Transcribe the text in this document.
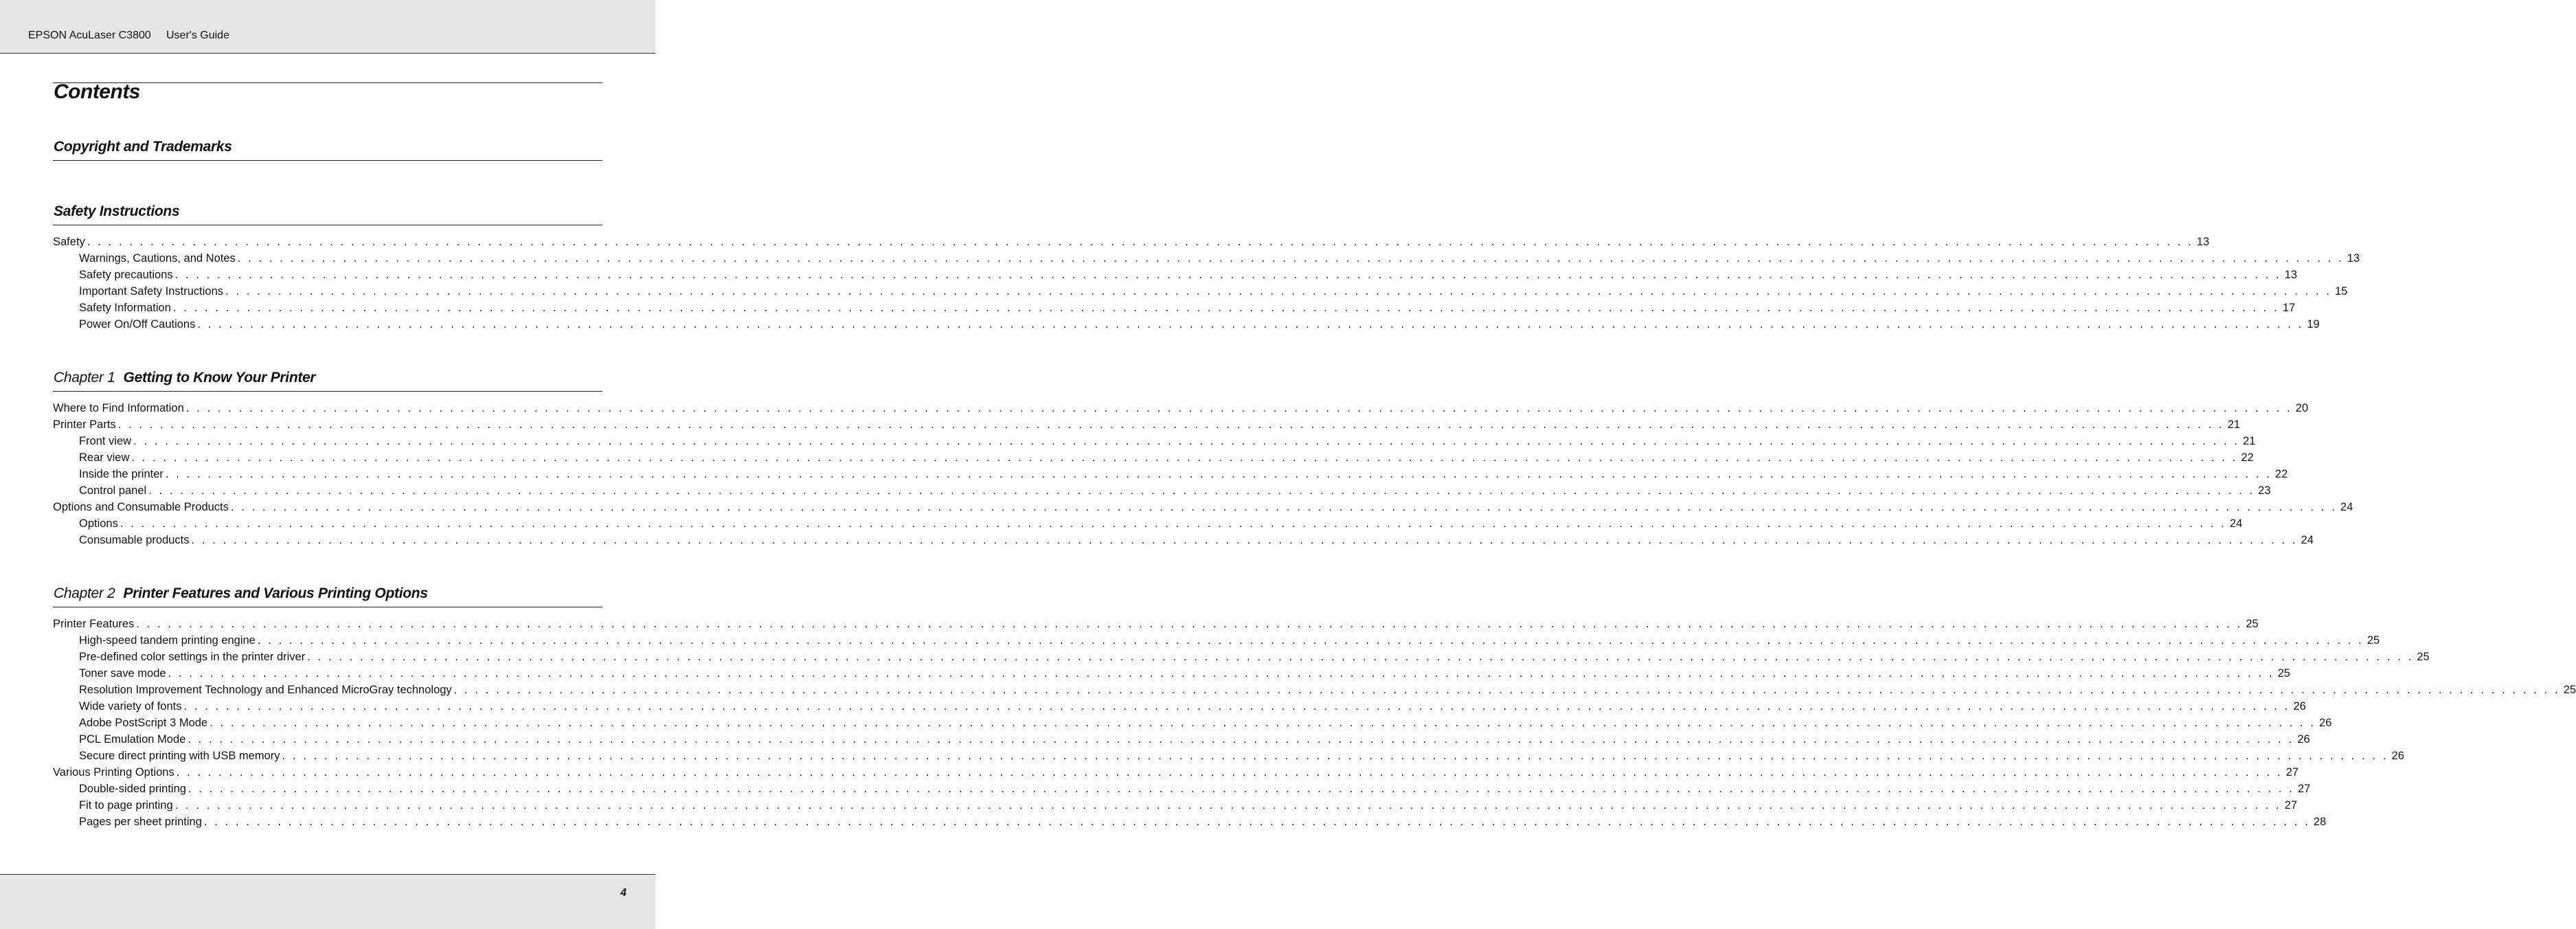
EPSON AcuLaser C3800     User's Guide
Contents
Copyright and Trademarks
Safety Instructions
Safety . . . . . . . . . . . . . . . . . . . . . . . . . . . . . . . . . . . . . . . . . . . . . . . . . . . . . . . . . . . . . . . . . . . . . . . . . . . . . . . . . . . . . . . . . . . . . . . . . . . . . . . . . . . . . . . . . . . . . . . . . . . . . . . . . . . . . . . . . . . . . . . . . . . . . . . . . . . . . . . . . . . . . . . . . . . . . . . . . . . . . . . . . . . . . . . . . . . . . . . . 13
Warnings, Cautions, and Notes . . . . . . . . . . . . . . . . . . . . . . . . . . . . . . . . . . . . . . . . . . . . . . . . . . . . . . . . . . . . . . . . . . . . . . . . . . . . . . . . . . . . . . . . . . . . . . . . . . . . . . . . . . . . . . . . . . . . . . . . . . . . . . . . . . . . . . . . . . . . . . . . . . . . . . . . . . . . . . . . . . . . . . . . . . . . . . . . . . . . . . . . . . . . . . . . . . . . . . . . 13
Safety precautions . . . . . . . . . . . . . . . . . . . . . . . . . . . . . . . . . . . . . . . . . . . . . . . . . . . . . . . . . . . . . . . . . . . . . . . . . . . . . . . . . . . . . . . . . . . . . . . . . . . . . . . . . . . . . . . . . . . . . . . . . . . . . . . . . . . . . . . . . . . . . . . . . . . . . . . . . . . . . . . . . . . . . . . . . . . . . . . . . . . . . . . . . . . . . . . . . . . . . . . . 13
Important Safety Instructions . . . . . . . . . . . . . . . . . . . . . . . . . . . . . . . . . . . . . . . . . . . . . . . . . . . . . . . . . . . . . . . . . . . . . . . . . . . . . . . . . . . . . . . . . . . . . . . . . . . . . . . . . . . . . . . . . . . . . . . . . . . . . . . . . . . . . . . . . . . . . . . . . . . . . . . . . . . . . . . . . . . . . . . . . . . . . . . . . . . . . . . . . . . . . . . . . . . . . . . . 15
Safety Information . . . . . . . . . . . . . . . . . . . . . . . . . . . . . . . . . . . . . . . . . . . . . . . . . . . . . . . . . . . . . . . . . . . . . . . . . . . . . . . . . . . . . . . . . . . . . . . . . . . . . . . . . . . . . . . . . . . . . . . . . . . . . . . . . . . . . . . . . . . . . . . . . . . . . . . . . . . . . . . . . . . . . . . . . . . . . . . . . . . . . . . . . . . . . . . . . . . . . . . . 17
Power On/Off Cautions . . . . . . . . . . . . . . . . . . . . . . . . . . . . . . . . . . . . . . . . . . . . . . . . . . . . . . . . . . . . . . . . . . . . . . . . . . . . . . . . . . . . . . . . . . . . . . . . . . . . . . . . . . . . . . . . . . . . . . . . . . . . . . . . . . . . . . . . . . . . . . . . . . . . . . . . . . . . . . . . . . . . . . . . . . . . . . . . . . . . . . . . . . . . . . . . . . . . . . . . 19
Chapter 1 Getting to Know Your Printer
Where to Find Information . . . . . . . . . . . . . . . . . . . . . . . . . . . . . . . . . . . . . . . . . . . . . . . . . . . . . . . . . . . . . . . . . . . . . . . . . . . . . . . . . . . . . . . . . . . . . . . . . . . . . . . . . . . . . . . . . . . . . . . . . . . . . . . . . . . . . . . . . . . . . . . . . . . . . . . . . . . . . . . . . . . . . . . . . . . . . . . . . . . . . . . . . . . . . . . . . . . . . . . . 20
Printer Parts . . . . . . . . . . . . . . . . . . . . . . . . . . . . . . . . . . . . . . . . . . . . . . . . . . . . . . . . . . . . . . . . . . . . . . . . . . . . . . . . . . . . . . . . . . . . . . . . . . . . . . . . . . . . . . . . . . . . . . . . . . . . . . . . . . . . . . . . . . . . . . . . . . . . . . . . . . . . . . . . . . . . . . . . . . . . . . . . . . . . . . . . . . . . . . . . . . . . . . . . 21
Front view . . . . . . . . . . . . . . . . . . . . . . . . . . . . . . . . . . . . . . . . . . . . . . . . . . . . . . . . . . . . . . . . . . . . . . . . . . . . . . . . . . . . . . . . . . . . . . . . . . . . . . . . . . . . . . . . . . . . . . . . . . . . . . . . . . . . . . . . . . . . . . . . . . . . . . . . . . . . . . . . . . . . . . . . . . . . . . . . . . . . . . . . . . . . . . . . . . . . . . . . 21
Rear view . . . . . . . . . . . . . . . . . . . . . . . . . . . . . . . . . . . . . . . . . . . . . . . . . . . . . . . . . . . . . . . . . . . . . . . . . . . . . . . . . . . . . . . . . . . . . . . . . . . . . . . . . . . . . . . . . . . . . . . . . . . . . . . . . . . . . . . . . . . . . . . . . . . . . . . . . . . . . . . . . . . . . . . . . . . . . . . . . . . . . . . . . . . . . . . . . . . . . . . . 22
Inside the printer . . . . . . . . . . . . . . . . . . . . . . . . . . . . . . . . . . . . . . . . . . . . . . . . . . . . . . . . . . . . . . . . . . . . . . . . . . . . . . . . . . . . . . . . . . . . . . . . . . . . . . . . . . . . . . . . . . . . . . . . . . . . . . . . . . . . . . . . . . . . . . . . . . . . . . . . . . . . . . . . . . . . . . . . . . . . . . . . . . . . . . . . . . . . . . . . . . . . . . . . 22
Control panel . . . . . . . . . . . . . . . . . . . . . . . . . . . . . . . . . . . . . . . . . . . . . . . . . . . . . . . . . . . . . . . . . . . . . . . . . . . . . . . . . . . . . . . . . . . . . . . . . . . . . . . . . . . . . . . . . . . . . . . . . . . . . . . . . . . . . . . . . . . . . . . . . . . . . . . . . . . . . . . . . . . . . . . . . . . . . . . . . . . . . . . . . . . . . . . . . . . . . . . . 23
Options and Consumable Products . . . . . . . . . . . . . . . . . . . . . . . . . . . . . . . . . . . . . . . . . . . . . . . . . . . . . . . . . . . . . . . . . . . . . . . . . . . . . . . . . . . . . . . . . . . . . . . . . . . . . . . . . . . . . . . . . . . . . . . . . . . . . . . . . . . . . . . . . . . . . . . . . . . . . . . . . . . . . . . . . . . . . . . . . . . . . . . . . . . . . . . . . . . . . . . . . . . . . . . . 24
Options . . . . . . . . . . . . . . . . . . . . . . . . . . . . . . . . . . . . . . . . . . . . . . . . . . . . . . . . . . . . . . . . . . . . . . . . . . . . . . . . . . . . . . . . . . . . . . . . . . . . . . . . . . . . . . . . . . . . . . . . . . . . . . . . . . . . . . . . . . . . . . . . . . . . . . . . . . . . . . . . . . . . . . . . . . . . . . . . . . . . . . . . . . . . . . . . . . . . . . . . 24
Consumable products . . . . . . . . . . . . . . . . . . . . . . . . . . . . . . . . . . . . . . . . . . . . . . . . . . . . . . . . . . . . . . . . . . . . . . . . . . . . . . . . . . . . . . . . . . . . . . . . . . . . . . . . . . . . . . . . . . . . . . . . . . . . . . . . . . . . . . . . . . . . . . . . . . . . . . . . . . . . . . . . . . . . . . . . . . . . . . . . . . . . . . . . . . . . . . . . . . . . . . . . 24
Chapter 2 Printer Features and Various Printing Options
Printer Features . . . . . . . . . . . . . . . . . . . . . . . . . . . . . . . . . . . . . . . . . . . . . . . . . . . . . . . . . . . . . . . . . . . . . . . . . . . . . . . . . . . . . . . . . . . . . . . . . . . . . . . . . . . . . . . . . . . . . . . . . . . . . . . . . . . . . . . . . . . . . . . . . . . . . . . . . . . . . . . . . . . . . . . . . . . . . . . . . . . . . . . . . . . . . . . . . . . . . . . . 25
High-speed tandem printing engine . . . . . . . . . . . . . . . . . . . . . . . . . . . . . . . . . . . . . . . . . . . . . . . . . . . . . . . . . . . . . . . . . . . . . . . . . . . . . . . . . . . . . . . . . . . . . . . . . . . . . . . . . . . . . . . . . . . . . . . . . . . . . . . . . . . . . . . . . . . . . . . . . . . . . . . . . . . . . . . . . . . . . . . . . . . . . . . . . . . . . . . . . . . . . . . . . . . . . . . . 25
Pre-defined color settings in the printer driver . . . . . . . . . . . . . . . . . . . . . . . . . . . . . . . . . . . . . . . . . . . . . . . . . . . . . . . . . . . . . . . . . . . . . . . . . . . . . . . . . . . . . . . . . . . . . . . . . . . . . . . . . . . . . . . . . . . . . . . . . . . . . . . . . . . . . . . . . . . . . . . . . . . . . . . . . . . . . . . . . . . . . . . . . . . . . . . . . . . . . . . . . . . . . . . . . . . . . . . . 25
Toner save mode . . . . . . . . . . . . . . . . . . . . . . . . . . . . . . . . . . . . . . . . . . . . . . . . . . . . . . . . . . . . . . . . . . . . . . . . . . . . . . . . . . . . . . . . . . . . . . . . . . . . . . . . . . . . . . . . . . . . . . . . . . . . . . . . . . . . . . . . . . . . . . . . . . . . . . . . . . . . . . . . . . . . . . . . . . . . . . . . . . . . . . . . . . . . . . . . . . . . . . . . 25
Resolution Improvement Technology and Enhanced MicroGray technology . . . . . . . . . . . . . . . . . . . . . . . . . . . . . . . . . . . . . . . . . . . . . . . . . . . . . . . . . . . . . . . . . . . . . . . . . . . . . . . . . . . . . . . . . . . . . . . . . . . . . . . . . . . . . . . . . . . . . . . . . . . . . . . . . . . . . . . . . . . . . . . . . . . . . . . . . . . . . . . . . . . . . . . . . . . . . . . . . . . . . . . . . . . . . . . . . . . . . . . . 25
Wide variety of fonts . . . . . . . . . . . . . . . . . . . . . . . . . . . . . . . . . . . . . . . . . . . . . . . . . . . . . . . . . . . . . . . . . . . . . . . . . . . . . . . . . . . . . . . . . . . . . . . . . . . . . . . . . . . . . . . . . . . . . . . . . . . . . . . . . . . . . . . . . . . . . . . . . . . . . . . . . . . . . . . . . . . . . . . . . . . . . . . . . . . . . . . . . . . . . . . . . . . . . . . . 26
Adobe PostScript 3 Mode . . . . . . . . . . . . . . . . . . . . . . . . . . . . . . . . . . . . . . . . . . . . . . . . . . . . . . . . . . . . . . . . . . . . . . . . . . . . . . . . . . . . . . . . . . . . . . . . . . . . . . . . . . . . . . . . . . . . . . . . . . . . . . . . . . . . . . . . . . . . . . . . . . . . . . . . . . . . . . . . . . . . . . . . . . . . . . . . . . . . . . . . . . . . . . . . . . . . . . . . 26
PCL Emulation Mode . . . . . . . . . . . . . . . . . . . . . . . . . . . . . . . . . . . . . . . . . . . . . . . . . . . . . . . . . . . . . . . . . . . . . . . . . . . . . . . . . . . . . . . . . . . . . . . . . . . . . . . . . . . . . . . . . . . . . . . . . . . . . . . . . . . . . . . . . . . . . . . . . . . . . . . . . . . . . . . . . . . . . . . . . . . . . . . . . . . . . . . . . . . . . . . . . . . . . . . . 26
Secure direct printing with USB memory . . . . . . . . . . . . . . . . . . . . . . . . . . . . . . . . . . . . . . . . . . . . . . . . . . . . . . . . . . . . . . . . . . . . . . . . . . . . . . . . . . . . . . . . . . . . . . . . . . . . . . . . . . . . . . . . . . . . . . . . . . . . . . . . . . . . . . . . . . . . . . . . . . . . . . . . . . . . . . . . . . . . . . . . . . . . . . . . . . . . . . . . . . . . . . . . . . . . . . . . 26
Various Printing Options . . . . . . . . . . . . . . . . . . . . . . . . . . . . . . . . . . . . . . . . . . . . . . . . . . . . . . . . . . . . . . . . . . . . . . . . . . . . . . . . . . . . . . . . . . . . . . . . . . . . . . . . . . . . . . . . . . . . . . . . . . . . . . . . . . . . . . . . . . . . . . . . . . . . . . . . . . . . . . . . . . . . . . . . . . . . . . . . . . . . . . . . . . . . . . . . . . . . . . . . 27
Double-sided printing . . . . . . . . . . . . . . . . . . . . . . . . . . . . . . . . . . . . . . . . . . . . . . . . . . . . . . . . . . . . . . . . . . . . . . . . . . . . . . . . . . . . . . . . . . . . . . . . . . . . . . . . . . . . . . . . . . . . . . . . . . . . . . . . . . . . . . . . . . . . . . . . . . . . . . . . . . . . . . . . . . . . . . . . . . . . . . . . . . . . . . . . . . . . . . . . . . . . . . . . 27
Fit to page printing . . . . . . . . . . . . . . . . . . . . . . . . . . . . . . . . . . . . . . . . . . . . . . . . . . . . . . . . . . . . . . . . . . . . . . . . . . . . . . . . . . . . . . . . . . . . . . . . . . . . . . . . . . . . . . . . . . . . . . . . . . . . . . . . . . . . . . . . . . . . . . . . . . . . . . . . . . . . . . . . . . . . . . . . . . . . . . . . . . . . . . . . . . . . . . . . . . . . . . . . 27
Pages per sheet printing . . . . . . . . . . . . . . . . . . . . . . . . . . . . . . . . . . . . . . . . . . . . . . . . . . . . . . . . . . . . . . . . . . . . . . . . . . . . . . . . . . . . . . . . . . . . . . . . . . . . . . . . . . . . . . . . . . . . . . . . . . . . . . . . . . . . . . . . . . . . . . . . . . . . . . . . . . . . . . . . . . . . . . . . . . . . . . . . . . . . . . . . . . . . . . . . . . . . . . . . 28
4
